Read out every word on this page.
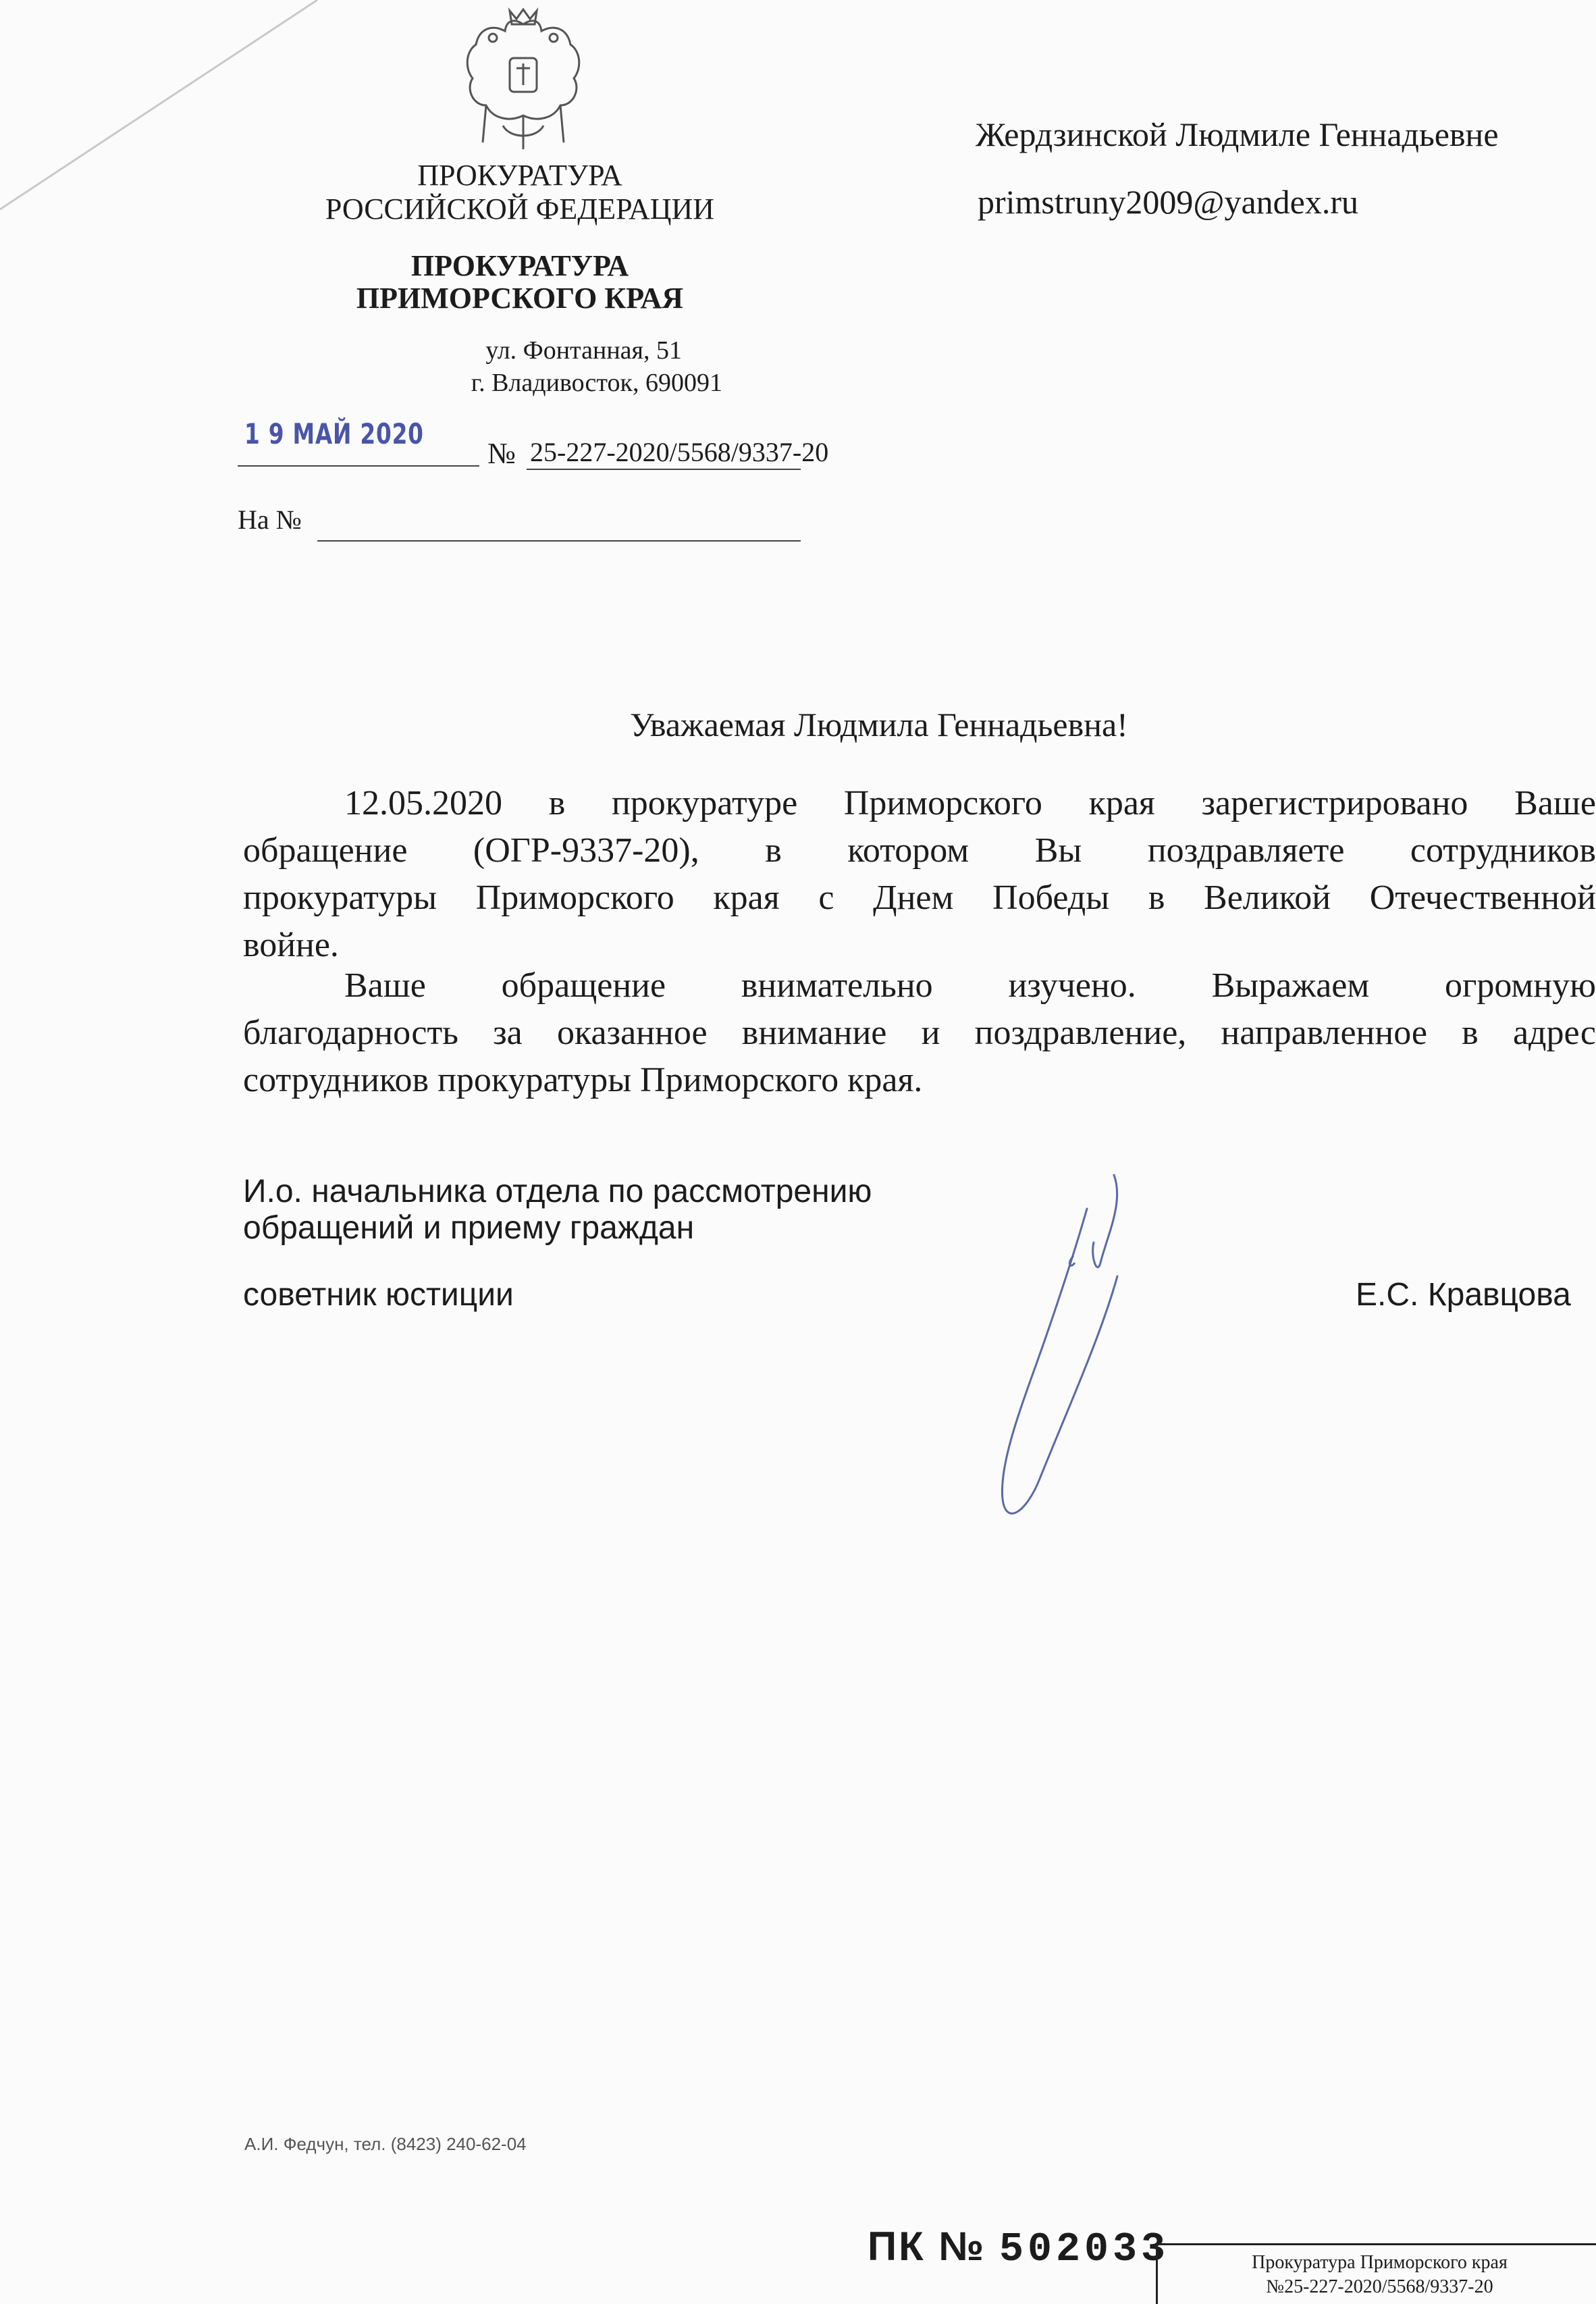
ПРОКУРАТУРА
РОССИЙСКОЙ ФЕДЕРАЦИИ
ПРОКУРАТУРА
ПРИМОРСКОГО КРАЯ
ул. Фонтанная, 51
г. Владивосток, 690091
1 9 МАЙ 2020
№ 25-227-2020/5568/9337-20
На №
Жердзинской Людмиле Геннадьевне
primstruny2009@yandex.ru
Уважаемая Людмила Геннадьевна!
12.05.2020 в прокуратуре Приморского края зарегистрировано Ваше
обращение (ОГР-9337-20), в котором Вы поздравляете сотрудников
прокуратуры Приморского края с Днем Победы в Великой Отечественной
войне.
Ваше обращение внимательно изучено. Выражаем огромную
благодарность за оказанное внимание и поздравление, направленное в адрес
сотрудников прокуратуры Приморского края.
И.о. начальника отдела по рассмотрению
обращений и приему граждан
советник юстиции	Е.С. Кравцова
А.И. Федчун, тел. (8423) 240-62-04
ПК № 502033	Прокуратура Приморского края
№25-227-2020/5568/9337-20
